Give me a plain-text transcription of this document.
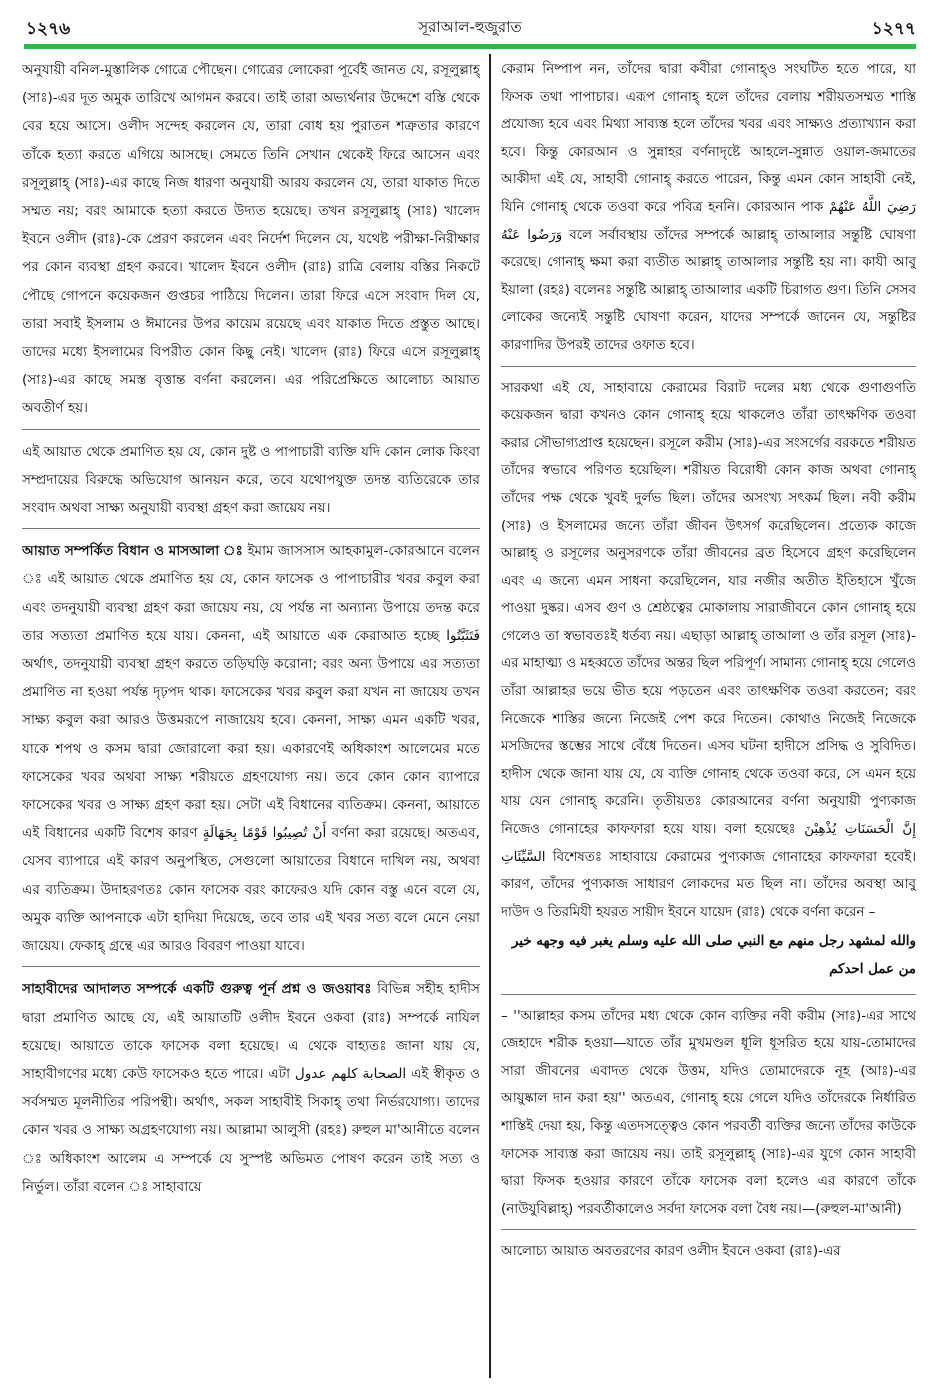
১২৭৬	সূরাআল-হুজুরাত	১২৭৭

অনুযায়ী বনিল-মুস্তালিক গোত্রে পৌছেন। গোত্রের লোকেরা পূর্বেই জানত যে, রসূলুল্লাহ্ (সাঃ)-এর দূত অমুক তারিখে আগমন করবে। তাই তারা অভ্যর্থনার উদ্দেশে বস্তি থেকে বের হয়ে আসে। ওলীদ সন্দেহ করলেন যে, তারা বোধ হয় পুরাতন শত্রুতার কারণে তাঁকে হত্যা করতে এগিয়ে আসছে। সেমতে তিনি সেখান থেকেই ফিরে আসেন এবং রসূলুল্লাহ্ (সাঃ)-এর কাছে নিজ ধারণা অনুযায়ী আরয করলেন যে, তারা যাকাত দিতে সম্মত নয়; বরং আমাকে হত্যা করতে উদ্যত হয়েছে। তখন রসূলুল্লাহ্ (সাঃ) খালেদ ইবনে ওলীদ (রাঃ)-কে প্রেরণ করলেন এবং নির্দেশ দিলেন যে, যথেষ্ট পরীক্ষা-নিরীক্ষার পর কোন ব্যবস্থা গ্রহণ করবে। খালেদ ইবনে ওলীদ (রাঃ) রাত্রি বেলায় বস্তির নিকটে পৌছে গোপনে কয়েকজন গুপ্তচর পাঠিয়ে দিলেন। তারা ফিরে এসে সংবাদ দিল যে, তারা সবাই ইসলাম ও ঈমানের উপর কায়েম রয়েছে এবং যাকাত দিতে প্রস্তুত আছে। তাদের মধ্যে ইসলামের বিপরীত কোন কিছু নেই। খালেদ (রাঃ) ফিরে এসে রসূলুল্লাহ্ (সাঃ)-এর কাছে সমস্ত বৃত্তান্ত বর্ণনা করলেন। এর পরিপ্রেক্ষিতে আলোচ্য আয়াত অবতীর্ণ হয়।

এই আয়াত থেকে প্রমাণিত হয় যে, কোন দুষ্ট ও পাপাচারী ব্যক্তি যদি কোন লোক কিংবা সম্প্রদায়ের বিরুদ্ধে অভিযোগ আনয়ন করে, তবে যথোপযুক্ত তদন্ত ব্যতিরেকে তার সংবাদ অথবা সাক্ষ্য অনুযায়ী ব্যবস্থা গ্রহণ করা জায়েয নয়।

আয়াত সম্পর্কিত বিধান ও মাসআলা ঃ ইমাম জাসসাস আহকামুল-কোরআনে বলেন ঃ এই আয়াত থেকে প্রমাণিত হয় যে, কোন ফাসেক ও পাপাচারীর খবর কবুল করা এবং তদনুযায়ী ব্যবস্থা গ্রহণ করা জায়েয নয়, যে পর্যন্ত না অন্যান্য উপায়ে তদন্ত করে তার সত্যতা প্রমাণিত হয়ে যায়। কেননা, এই আয়াতে এক কেরাআত হচ্ছে فَتَثَبَّتُوا অর্থাৎ, তদনুযায়ী ব্যবস্থা গ্রহণ করতে তড়িঘড়ি করোনা; বরং অন্য উপায়ে এর সত্যতা প্রমাণিত না হওয়া পর্যন্ত দৃঢ়পদ থাক। ফাসেকের খবর কবুল করা যখন না জায়েয তখন সাক্ষ্য কবুল করা আরও উত্তমরূপে নাজায়েয হবে। কেননা, সাক্ষ্য এমন একটি খবর, যাকে শপথ ও কসম দ্বারা জোরালো করা হয়। একারণেই অধিকাংশ আলেমের মতে ফাসেকের খবর অথবা সাক্ষ্য শরীয়তে গ্রহণযোগ্য নয়। তবে কোন কোন ব্যাপারে ফাসেকের খবর ও সাক্ষ্য গ্রহণ করা হয়। সেটা এই বিধানের ব্যতিক্রম। কেননা, আয়াতে এই বিধানের একটি বিশেষ কারণ أَنْ تُصِيبُوا قَوْمًا بِجَهَالَةٍ বর্ণনা করা রয়েছে। অতএব, যেসব ব্যাপারে এই কারণ অনুপস্থিত, সেগুলো আয়াতের বিধানে দাখিল নয়, অথবা এর ব্যতিক্রম। উদাহরণতঃ কোন ফাসেক বরং কাফেরও যদি কোন বস্তু এনে বলে যে, অমুক ব্যক্তি আপনাকে এটা হাদিয়া দিয়েছে, তবে তার এই খবর সত্য বলে মেনে নেয়া জায়েয। ফেকাহ্ গ্রন্থে এর আরও বিবরণ পাওয়া যাবে।

সাহাবীদের আদালত সম্পর্কে একটি গুরুত্ব পূর্ন প্রশ্ন ও জওয়াবঃ বিভিন্ন সহীহ হাদীস দ্বারা প্রমাণিত আছে যে, এই আয়াতটি ওলীদ ইবনে ওকবা (রাঃ) সম্পর্কে নাযিল হয়েছে। আয়াতে তাকে ফাসেক বলা হয়েছে। এ থেকে বাহ্যতঃ জানা যায় যে, সাহাবীগণের মধ্যে কেউ ফাসেকও হতে পারে। এটা الصحابة كلهم عدول এই স্বীকৃত ও সর্বসম্মত মূলনীতির পরিপন্থী। অর্থাৎ, সকল সাহাবীই সিকাহ্ তথা নির্ভরযোগ্য। তাদের কোন খবর ও সাক্ষ্য অগ্রহণযোগ্য নয়। আল্লামা আলুসী (রহঃ) রুহুল মা'আনীতে বলেন ঃ অধিকাংশ আলেম এ সম্পর্কে যে সুস্পষ্ট অভিমত পোষণ করেন তাই সত্য ও নির্ভুল। তাঁরা বলেন ঃ সাহাবায়ে

কেরাম নিষ্পাপ নন, তাঁদের দ্বারা কবীরা গোনাহ্ও সংঘটিত হতে পারে, যা ফিসক তথা পাপাচার। এরূপ গোনাহ্ হলে তাঁদের বেলায় শরীয়তসম্মত শাস্তি প্রযোজ্য হবে এবং মিথ্যা সাব্যস্ত হলে তাঁদের খবর এবং সাক্ষ্যও প্রত্যাখ্যান করা হবে। কিন্তু কোরআন ও সুন্নাহর বর্ণনাদৃষ্টে আহলে-সুন্নাত ওয়াল-জমাতের আকীদা এই যে, সাহাবী গোনাহ্ করতে পারেন, কিন্তু এমন কোন সাহাবী নেই, যিনি গোনাহ্ থেকে তওবা করে পবিত্র হননি। কোরআন পাক رَضِيَ اللَّهُ عَنْهُمْ وَرَضُوا عَنْهُ বলে সর্বাবস্থায় তাঁদের সম্পর্কে আল্লাহ্ তাআলার সন্তুষ্টি ঘোষণা করেছে। গোনাহ্ ক্ষমা করা ব্যতীত আল্লাহ্ তাআলার সন্তুষ্টি হয় না। কাযী আবু ইয়ালা (রহঃ) বলেনঃ সন্তুষ্টি আল্লাহ্ তাআলার একটি চিরাগত গুণ। তিনি সেসব লোকের জন্যেই সন্তুষ্টি ঘোষণা করেন, যাদের সম্পর্কে জানেন যে, সন্তুষ্টির কারণাদির উপরই তাদের ওফাত হবে।

সারকথা এই যে, সাহাবায়ে কেরামের বিরাট দলের মধ্য থেকে গুণাগুণতি কয়েকজন দ্বারা কখনও কোন গোনাহ্ হয়ে থাকলেও তাঁরা তাৎক্ষণিক তওবা করার সৌভাগ্যপ্রাপ্ত হয়েছেন। রসূলে করীম (সাঃ)-এর সংসর্গের বরকতে শরীয়ত তাঁদের স্বভাবে পরিণত হয়েছিল। শরীয়ত বিরোধী কোন কাজ অথবা গোনাহ্ তাঁদের পক্ষ থেকে খুবই দুর্লভ ছিল। তাঁদের অসংখ্য সৎকর্ম ছিল। নবী করীম (সাঃ) ও ইসলামের জন্যে তাঁরা জীবন উৎসর্গ করেছিলেন। প্রত্যেক কাজে আল্লাহ্ ও রসূলের অনুসরণকে তাঁরা জীবনের ব্রত হিসেবে গ্রহণ করেছিলেন এবং এ জন্যে এমন সাধনা করেছিলেন, যার নজীর অতীত ইতিহাসে খুঁজে পাওয়া দুষ্কর। এসব গুণ ও শ্রেষ্ঠত্বের মোকালায় সারাজীবনে কোন গোনাহ্ হয়ে গেলেও তা স্বভাবতঃই ধর্তব্য নয়। এছাড়া আল্লাহ্ তাআলা ও তাঁর রসূল (সাঃ)-এর মাহাত্ম্য ও মহব্বতে তাঁদের অন্তর ছিল পরিপূর্ণ। সামান্য গোনাহ্ হয়ে গেলেও তাঁরা আল্লাহর ভয়ে ভীত হয়ে পড়তেন এবং তাৎক্ষণিক তওবা করতেন; বরং নিজেকে শাস্তির জন্যে নিজেই পেশ করে দিতেন। কোথাও নিজেই নিজেকে মসজিদের স্তম্ভের সাথে বেঁধে দিতেন। এসব ঘটনা হাদীসে প্রসিদ্ধ ও সুবিদিত। হাদীস থেকে জানা যায় যে, যে ব্যক্তি গোনাহ থেকে তওবা করে, সে এমন হয়ে যায় যেন গোনাহ্ করেনি। তৃতীয়তঃ কোরআনের বর্ণনা অনুযায়ী পুণ্যকাজ নিজেও গোনাহের কাফফারা হয়ে যায়। বলা হয়েছেঃ إِنَّ الْحَسَنَاتِ يُذْهِبْنَ السَّيِّئَاتِ বিশেষতঃ সাহাবায়ে কেরামের পুণ্যকাজ গোনাহের কাফফারা হবেই। কারণ, তাঁদের পুণ্যকাজ সাধারণ লোকদের মত ছিল না। তাঁদের অবস্থা আবু দাউদ ও তিরমিযী হযরত সায়ীদ ইবনে যায়েদ (রাঃ) থেকে বর্ণনা করেন –

والله لمشهد رجل منهم مع النبي صلى الله عليه وسلم يغبر فيه وجهه خير من عمل احدكم

– ''আল্লাহর কসম তাঁদের মধ্য থেকে কোন ব্যক্তির নবী করীম (সাঃ)-এর সাথে জেহাদে শরীক হওয়া—যাতে তাঁর মুখমণ্ডল ধূলি ধূসরিত হয়ে যায়-তোমাদের সারা জীবনের এবাদত থেকে উত্তম, যদিও তোমাদেরকে নূহ (আঃ)-এর আয়ুষ্কাল দান করা হয়'' অতএব, গোনাহ্ হয়ে গেলে যদিও তাঁদেরকে নির্ধারিত শাস্তিই দেয়া হয়, কিন্তু এতদসত্ত্বেও কোন পরবর্তী ব্যক্তির জন্যে তাঁদের কাউকে ফাসেক সাব্যস্ত করা জায়েয নয়। তাই রসূলুল্লাহ্ (সাঃ)-এর যুগে কোন সাহাবী দ্বারা ফিসক হওয়ার কারণে তাঁকে ফাসেক বলা হলেও এর কারণে তাঁকে (নাউযুবিল্লাহ্) পরবর্তীকালেও সর্বদা ফাসেক বলা বৈধ নয়।—(রুহুল-মা'আনী)

আলোচ্য আয়াত অবতরণের কারণ ওলীদ ইবনে ওকবা (রাঃ)-এর
